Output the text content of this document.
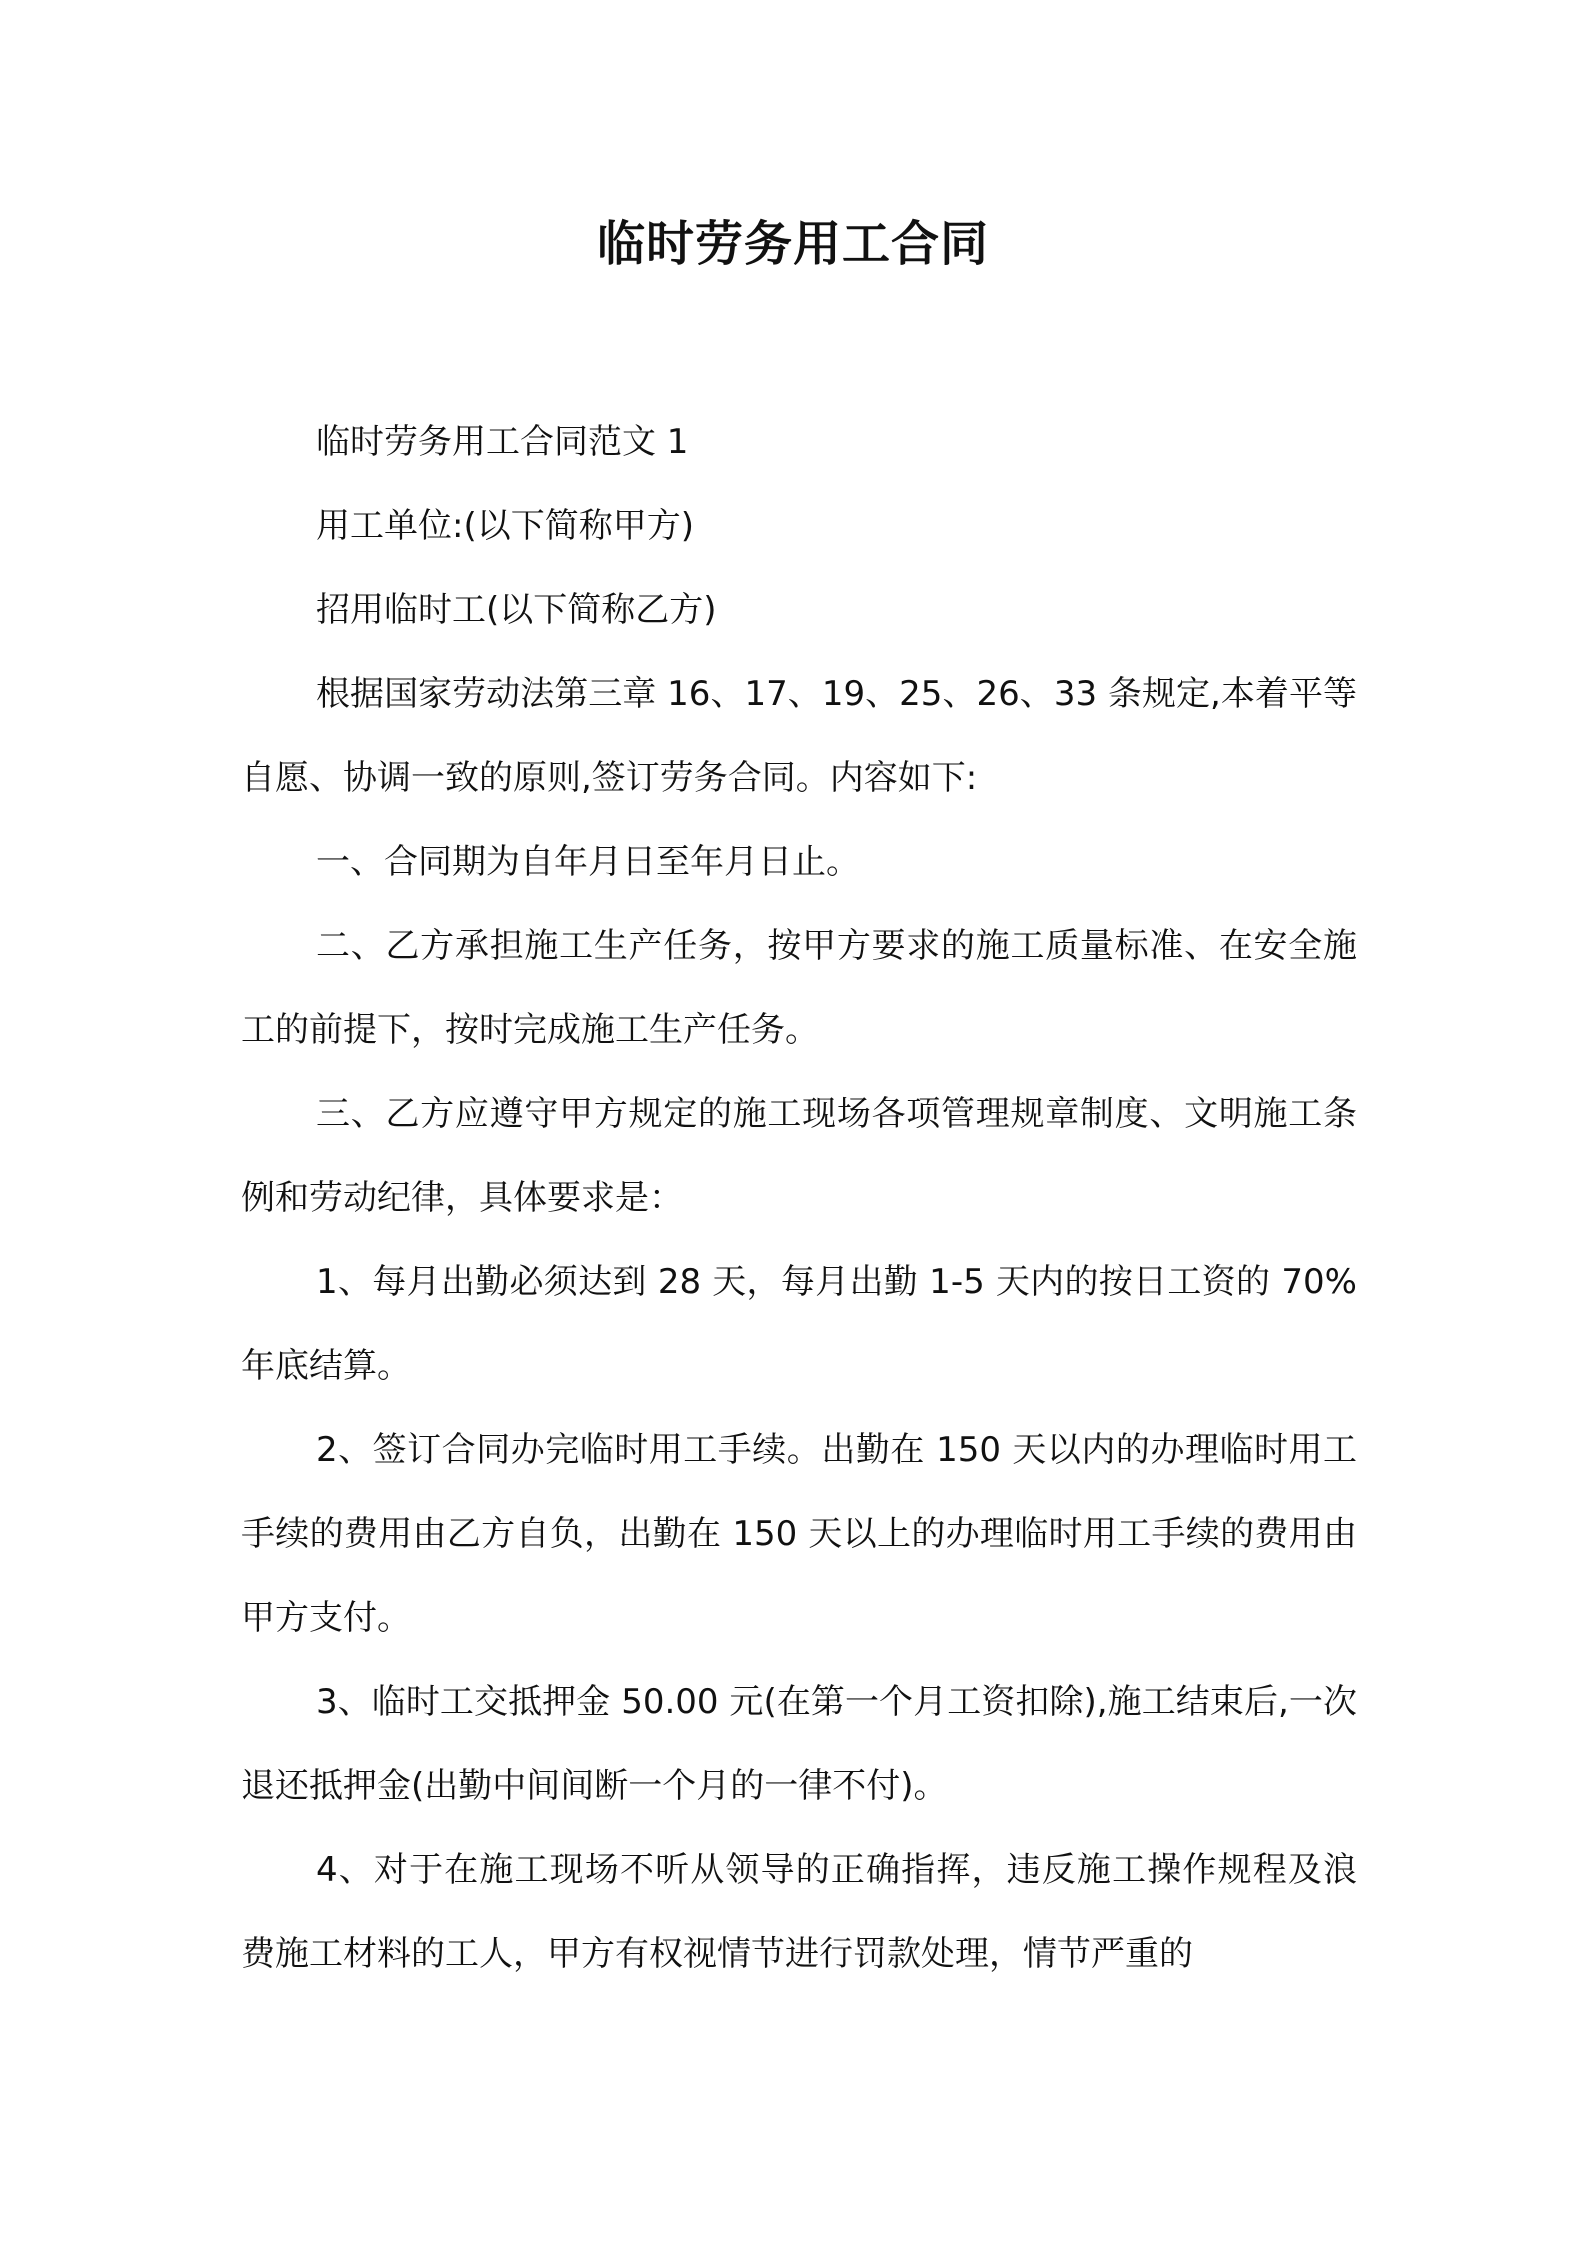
临时劳务用工合同

临时劳务用工合同范文 1

用工单位:(以下简称甲方)

招用临时工(以下简称乙方)

根据国家劳动法第三章 16、17、19、25、26、33 条规定,本着平等自愿、协调一致的原则,签订劳务合同。内容如下:

一、合同期为自年月日至年月日止。

二、乙方承担施工生产任务，按甲方要求的施工质量标准、在安全施工的前提下，按时完成施工生产任务。

三、乙方应遵守甲方规定的施工现场各项管理规章制度、文明施工条例和劳动纪律，具体要求是：

1、每月出勤必须达到 28 天，每月出勤 1-5 天内的按日工资的 70%年底结算。

2、签订合同办完临时用工手续。出勤在 150 天以内的办理临时用工手续的费用由乙方自负，出勤在 150 天以上的办理临时用工手续的费用由甲方支付。

3、临时工交抵押金 50.00 元(在第一个月工资扣除),施工结束后,一次退还抵押金(出勤中间间断一个月的一律不付)。

4、对于在施工现场不听从领导的正确指挥，违反施工操作规程及浪费施工材料的工人，甲方有权视情节进行罚款处理，情节严重的
